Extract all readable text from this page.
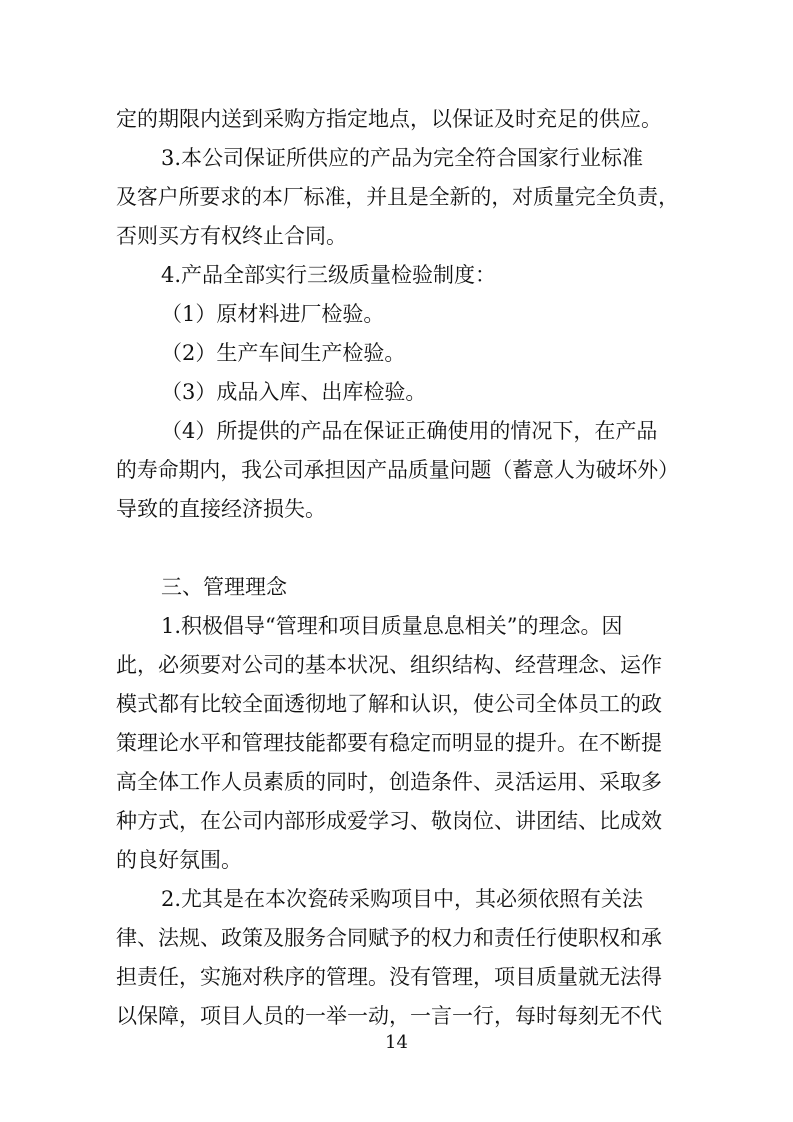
定的期限内送到采购方指定地点，以保证及时充足的供应。
3.本公司保证所供应的产品为完全符合国家行业标准
及客户所要求的本厂标准，并且是全新的，对质量完全负责，
否则买方有权终止合同。
4.产品全部实行三级质量检验制度：
（1）原材料进厂检验。
（2）生产车间生产检验。
（3）成品入库、出库检验。
（4）所提供的产品在保证正确使用的情况下，在产品
的寿命期内，我公司承担因产品质量问题（蓄意人为破坏外）
导致的直接经济损失。
三、管理理念
1.积极倡导“管理和项目质量息息相关”的理念。因
此，必须要对公司的基本状况、组织结构、经营理念、运作
模式都有比较全面透彻地了解和认识，使公司全体员工的政
策理论水平和管理技能都要有稳定而明显的提升。在不断提
高全体工作人员素质的同时，创造条件、灵活运用、采取多
种方式，在公司内部形成爱学习、敬岗位、讲团结、比成效
的良好氛围。
2.尤其是在本次瓷砖采购项目中，其必须依照有关法
律、法规、政策及服务合同赋予的权力和责任行使职权和承
担责任，实施对秩序的管理。没有管理，项目质量就无法得
以保障，项目人员的一举一动，一言一行，每时每刻无不代
14
